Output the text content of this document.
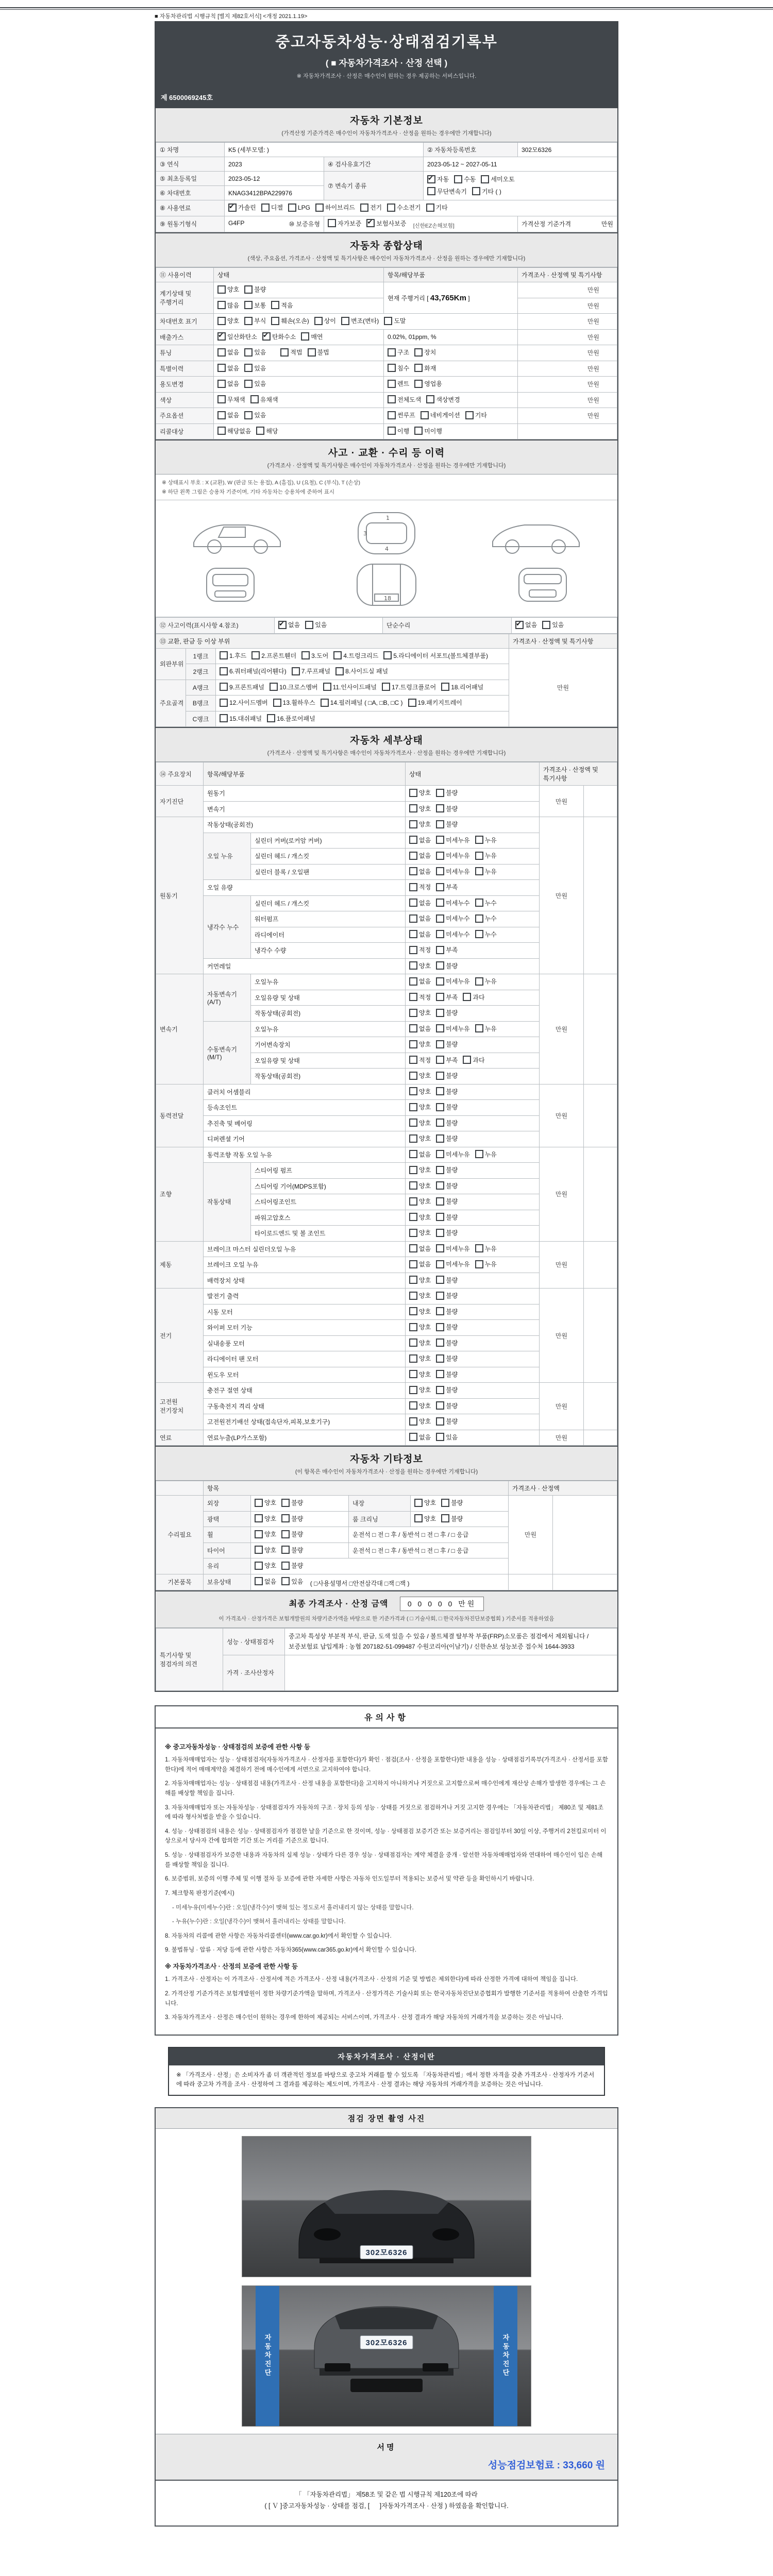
■ 자동차관리법 시행규칙 [별지 제82호서식] <개정 2021.1.19>
중고자동차성능·상태점검기록부
( ■ 자동차가격조사 · 산정 선택 )
※ 자동차가격조사 · 산정은 매수인이 원하는 경우 제공하는 서비스입니다.
제 6500069245호
자동차 기본정보
(가격산정 기준가격은 매수인이 자동차가격조사 · 산정을 원하는 경우에만 기재합니다)
① 차명	K5 (세부모델: )		② 자동차등록번호	302모6326
③ 연식	2023	④ 검사유효기간	2023-05-12 ~ 2027-05-11	
⑤ 최초등록일	2023-05-12	⑦ 변속기 종류	
✔
자동 수동 세미오토
무단변속기 기타 ( )

⑥ 차대번호	KNAG3412BPA229976			
⑧ 사용연료	
✔가솔린 디젤 LPG 하이브리드 전기 수소전기 기타

⑨ 원동기형식	G4FP ⑩ 보증유형	자가보증 ✔ 보험사보증 [신한EZ손해보험]		가격산정 기준가격 만원
자동차 종합상태
(색상, 주요옵션, 가격조사 · 산정액 및 특기사항은 매수인이 자동차가격조사 · 산정을 원하는 경우에만 기재합니다)
⑪ 사용이력	상태	항목/해당부품	가격조사 · 산정액 및 특기사항
계기상태 및 주행거리	양호 불량	현재 주행거리 [ 43,765Km ]	만원

	많음 보통 적음		만원
차대번호 표기	양호 부식 훼손(오손) 상이 변조(변타) 도말	만원
배출가스	
✔일산화탄소 ✔ 탄화수소 매연	0.02%, 01ppm, %	만원
튜닝	없음 있음 적법 불법	구조 장치	만원
특별이력	없음 있음	침수 화재	만원
용도변경	없음 있음	렌트 영업용	만원
색상	무채색 유채색	전체도색 색상변경	만원
주요옵션	없음 있음	썬루프 네비게이션 기타	만원
리콜대상	해당없음 해당	이행 미이행	

사고 · 교환 · 수리 등 이력
(가격조사 · 산정액 및 특기사항은 매수인이 자동차가격조사 · 산정을 원하는 경우에만 기재합니다)
※ 상태표시 부호 : X (교환), W (판금 또는 용접), A (흠집), U (요철), C (부식), T (손상)
※ 하단 왼쪽 그림은 승용차 기준이며, 기타 자동차는 승용차에 준하여 표시
1
3
4
18
⑫ 사고이력(표시사항 4.참조)	
✔없음 있음	단순수리	
✔없음 있음
⑬ 교환, 판금 등 이상 부위			가격조사 · 산정액 및 특기사항
외판부위	1랭크	1.후드 2.프론트휀더 3.도어 4.트렁크리드 5.라디에이터 서포트(볼트체결부품)	만원
	2랭크	6.쿼터패널(리어휀다) 7.루프패널 8.사이드실 패널	

주요골격	A랭크	9.프론트패널 10.크로스멤버 11.인사이드패널 17.트렁크플로어 18.리어패널	

	B랭크	12.사이드멤버 13.휠하우스 14.필러패널 ( □A, □B, □C ) 19.패키지트레이	

	C랭크	15.대쉬패널 16.플로어패널	
자동차 세부상태
(가격조사 · 산정액 및 특기사항은 매수인이 자동차가격조사 · 산정을 원하는 경우에만 기재합니다)
⑭ 주요장치	항목/해당부품		상태	가격조사 · 산정액 및 특기사항	
자기진단	원동기		양호 불량	만원	
	변속기		양호 불량		

원동기	작동상태(공회전)		양호 불량	만원	
	오일 누유	실린더 커버(로커암 커버)	없음 미세누유 누유		

		실린더 헤드 / 개스킷	없음 미세누유 누유		

		실린더 블록 / 오일팬	없음 미세누유 누유		

	오일 유량		적정 부족		

	냉각수 누수	실린더 헤드 / 개스킷	없음 미세누수 누수		

		워터펌프	없음 미세누수 누수		

		라디에이터	없음 미세누수 누수		

		냉각수 수량	적정 부족		

	커먼레일		양호 불량		

변속기	자동변속기
(A/T)	오일누유	없음 미세누유 누유	만원	
		오일유량 및 상태	적정 부족 과다		

		작동상태(공회전)	양호 불량		

	수동변속기
(M/T)	오일누유	없음 미세누유 누유		

		기어변속장치	양호 불량		

		오일유량 및 상태	적정 부족 과다		

		작동상태(공회전)	양호 불량		

동력전달	클러치 어셈블리		양호 불량	만원	
	등속조인트		양호 불량		

	추진축 및 베어링		양호 불량		

	디퍼렌셜 기어		양호 불량		

조향	동력조향 작동 오일 누유		없음 미세누유 누유	만원	
	작동상태	스티어링 펌프	양호 불량		

		스티어링 기어(MDPS포함)	양호 불량		

		스티어링조인트	양호 불량		

		파워고압호스	양호 불량		

		타이로드엔드 및 볼 조인트	양호 불량		

제동	브레이크 마스터 실린더오일 누유		없음 미세누유 누유	만원	
	브레이크 오일 누유		없음 미세누유 누유		

	배력장치 상태		양호 불량		

전기	발전기 출력		양호 불량	만원	
	시동 모터		양호 불량		

	와이퍼 모터 기능		양호 불량		

	실내송풍 모터		양호 불량		

	라디에이터 팬 모터		양호 불량		

	윈도우 모터		양호 불량		

고전원
전기장치	충전구 절연 상태		양호 불량	만원	
	구동축전지 격리 상태		양호 불량		

	고전원전기배선 상태(접속단자,피복,보호기구)		양호 불량		

연료	연료누출(LP가스포함)		없음 있음	만원	
자동차 기타정보
(이 항목은 매수인이 자동차가격조사 · 산정을 원하는 경우에만 기재합니다)
	항목				가격조사 · 산정액	
수리필요	외장	양호 불량	내장	양호 불량	만원	
	광택	양호 불량	룸 크리닝	양호 불량		

	휠	양호 불량	운전석 □ 전 □ 후 / 동반석 □ 전 □ 후 / □ 응급			
	타이어	양호 불량	운전석 □ 전 □ 후 / 동반석 □ 전 □ 후 / □ 응급			
	유리	양호 불량				

기본품목	보유상태	없음 있음 ( □사용설명서 □안전삼각대 □잭 □잭 )				
최종 가격조사 · 산정 금액	0 0 0 0 0 만원
이 가격조사 · 산정가격은 보험개발원의 차량기준가액을 바탕으로 한 기준가격과 ( □ 기술사회, □ 한국자동차진단보증협회 ) 기준서를 적용하였음
특기사항 및
점검자의 의견	성능 · 상태점검자	중고차 특성상 부분적 부식, 판금, 도색 있을 수 있음 / 볼트체결 탈부착 부품(FRP)소모품은 점검에서 제외됩니다 / 보증보험료 납입계좌 : 농협 207182-51-099487 수원코리아(이남기) / 신한손보 성능보증 접수처 1644-3933
	가격 · 조사산정자	
유의사항
※ 중고자동차성능 · 상태점검의 보증에 관한 사항 등

1. 자동차매매업자는 성능 · 상태점검자(자동차가격조사 · 산정자를 포함한다)가 확인 · 점검(조사 · 산정을 포함한다)한 내용을 성능 · 상태점검기록부(가격조사 · 산정서를 포함한다)에 적어 매매계약을 체결하기 전에 매수인에게 서면으로 고지하여야 합니다.

2. 자동차매매업자는 성능 · 상태점검 내용(가격조사 · 산정 내용을 포함한다)을 고지하지 아니하거나 거짓으로 고지함으로써 매수인에게 재산상 손해가 발생한 경우에는 그 손해를 배상할 책임을 집니다.

3. 자동차매매업자 또는 자동차성능 · 상태점검자가 자동차의 구조 · 장치 등의 성능 · 상태를 거짓으로 점검하거나 거짓 고지한 경우에는 「자동차관리법」 제80조 및 제81조에 따라 형사처벌을 받을 수 있습니다.

4. 성능 · 상태점검의 내용은 성능 · 상태점검자가 점검한 날을 기준으로 한 것이며, 성능 · 상태점검 보증기간 또는 보증거리는 점검일부터 30일 이상, 주행거리 2천킬로미터 이상으로서 당사자 간에 합의한 기간 또는 거리를 기준으로 합니다.

5. 성능 · 상태점검자가 보증한 내용과 자동차의 실제 성능 · 상태가 다른 경우 성능 · 상태점검자는 계약 체결을 중개 · 알선한 자동차매매업자와 연대하여 매수인이 입은 손해를 배상할 책임을 집니다.

6. 보증범위, 보증의 이행 주체 및 이행 절차 등 보증에 관한 자세한 사항은 자동차 인도일부터 적용되는 보증서 및 약관 등을 확인하시기 바랍니다.

7. 체크항목 판정기준(예시)

- 미세누유(미세누수)란 : 오일(냉각수)이 맺혀 있는 정도로서 흘러내리지 않는 상태를 말합니다.

- 누유(누수)란 : 오일(냉각수)이 맺혀서 흘러내리는 상태를 말합니다.

8. 자동차의 리콜에 관한 사항은 자동차리콜센터(www.car.go.kr)에서 확인할 수 있습니다.

9. 불법튜닝 · 압류 · 저당 등에 관한 사항은 자동차365(www.car365.go.kr)에서 확인할 수 있습니다.

※ 자동차가격조사 · 산정의 보증에 관한 사항 등

1. 가격조사 · 산정자는 이 가격조사 · 산정서에 적은 가격조사 · 산정 내용(가격조사 · 산정의 기준 및 방법은 제외한다)에 따라 산정한 가격에 대하여 책임을 집니다.

2. 가격산정 기준가격은 보험개발원이 정한 차량기준가액을 말하며, 가격조사 · 산정가격은 기술사회 또는 한국자동차진단보증협회가 발행한 기준서를 적용하여 산출한 가격입니다.

3. 자동차가격조사 · 산정은 매수인이 원하는 경우에 한하여 제공되는 서비스이며, 가격조사 · 산정 결과가 해당 자동차의 거래가격을 보증하는 것은 아닙니다.

자동차가격조사 · 산정이란
※ 「가격조사 · 산정」은 소비자가 좀 더 객관적인 정보를 바탕으로 중고차 거래를 할 수 있도록 「자동차관리법」에서 정한 자격을 갖춘 가격조사 · 산정자가 기준서에 따라 중고차 가격을 조사 · 산정하여 그 결과를 제공하는 제도이며, 가격조사 · 산정 결과는 해당 자동차의 거래가격을 보증하는 것은 아닙니다.
점검 장면 촬영 사진
302모6326
자동차진단	자동차진단
302모6326
서명
성능점검보험료 : 33,660 원
「 「자동차관리법」 제58조 및 같은 법 시행규칙 제120조에 따라
( [ Ｖ ]중고자동차성능 · 상태를 점검, [ 　 ]자동차가격조사 · 산정 ) 하였음을 확인합니다.
